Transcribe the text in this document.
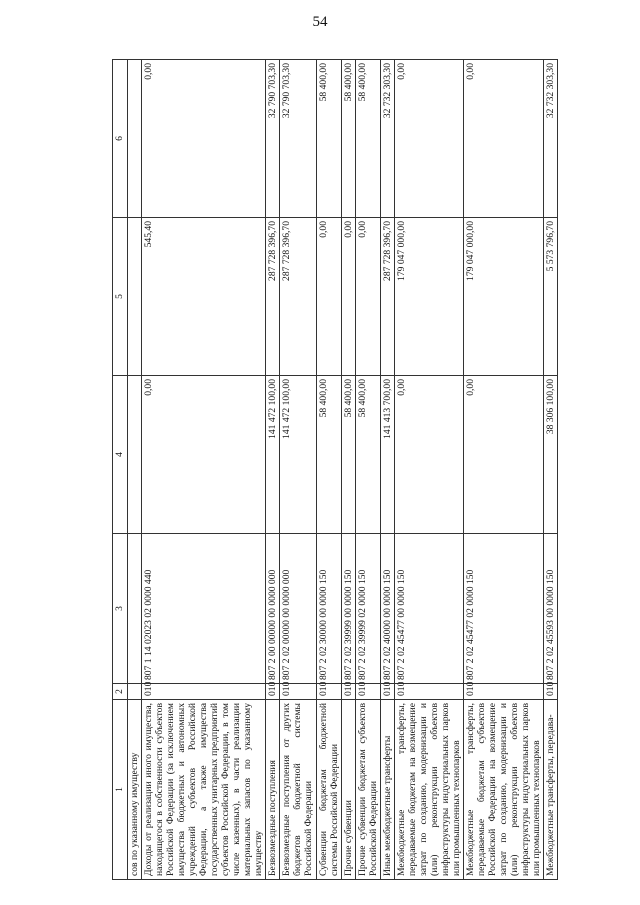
54
1	2	3	4	5	6
сов по указанному имуществу					
Доходы от реализации иного имущества, находящегося в собственности субъектов Российской Федерации (за исключением имущества бюджетных и автономных учреждений субъектов Российской Федерации, а также имущества государственных унитарных предприятий субъектов Российской Федерации, в том числе казенных), в части реализации материальных запасов по указанному имуществу	010	807 1 14 02023 02 0000 440	0,00	545,40	0,00
Безвозмездные поступления	010	807 2 00 00000 00 0000 000	141 472 100,00	287 728 396,70	32 790 703,30
Безвозмездные поступления от других бюджетов бюджетной системы Российской Федерации	010	807 2 02 00000 00 0000 000	141 472 100,00	287 728 396,70	32 790 703,30
Субвенции бюджетам бюджетной системы Российской Федерации	010	807 2 02 30000 00 0000 150	58 400,00	0,00	58 400,00
Прочие субвенции	010	807 2 02 39999 00 0000 150	58 400,00	0,00	58 400,00
Прочие субвенции бюджетам субъектов Российской Федерации	010	807 2 02 39999 02 0000 150	58 400,00	0,00	58 400,00
Иные межбюджетные трансферты	010	807 2 02 40000 00 0000 150	141 413 700,00	287 728 396,70	32 732 303,30
Межбюджетные трансферты, передаваемые бюджетам на возмещение затрат по созданию, модернизации и (или) реконструкции объектов инфраструктуры индустриальных парков или промышленных технопарков	010	807 2 02 45477 00 0000 150	0,00	179 047 000,00	0,00
Межбюджетные трансферты, передаваемые бюджетам субъектов Российской Федерации на возмещение затрат по созданию, модернизации и (или) реконструкции объектов инфраструктуры индустриальных парков или промышленных технопарков	010	807 2 02 45477 02 0000 150	0,00	179 047 000,00	0,00
Межбюджетные трансферты, передава-	010	807 2 02 45593 00 0000 150	38 306 100,00	5 573 796,70	32 732 303,30
